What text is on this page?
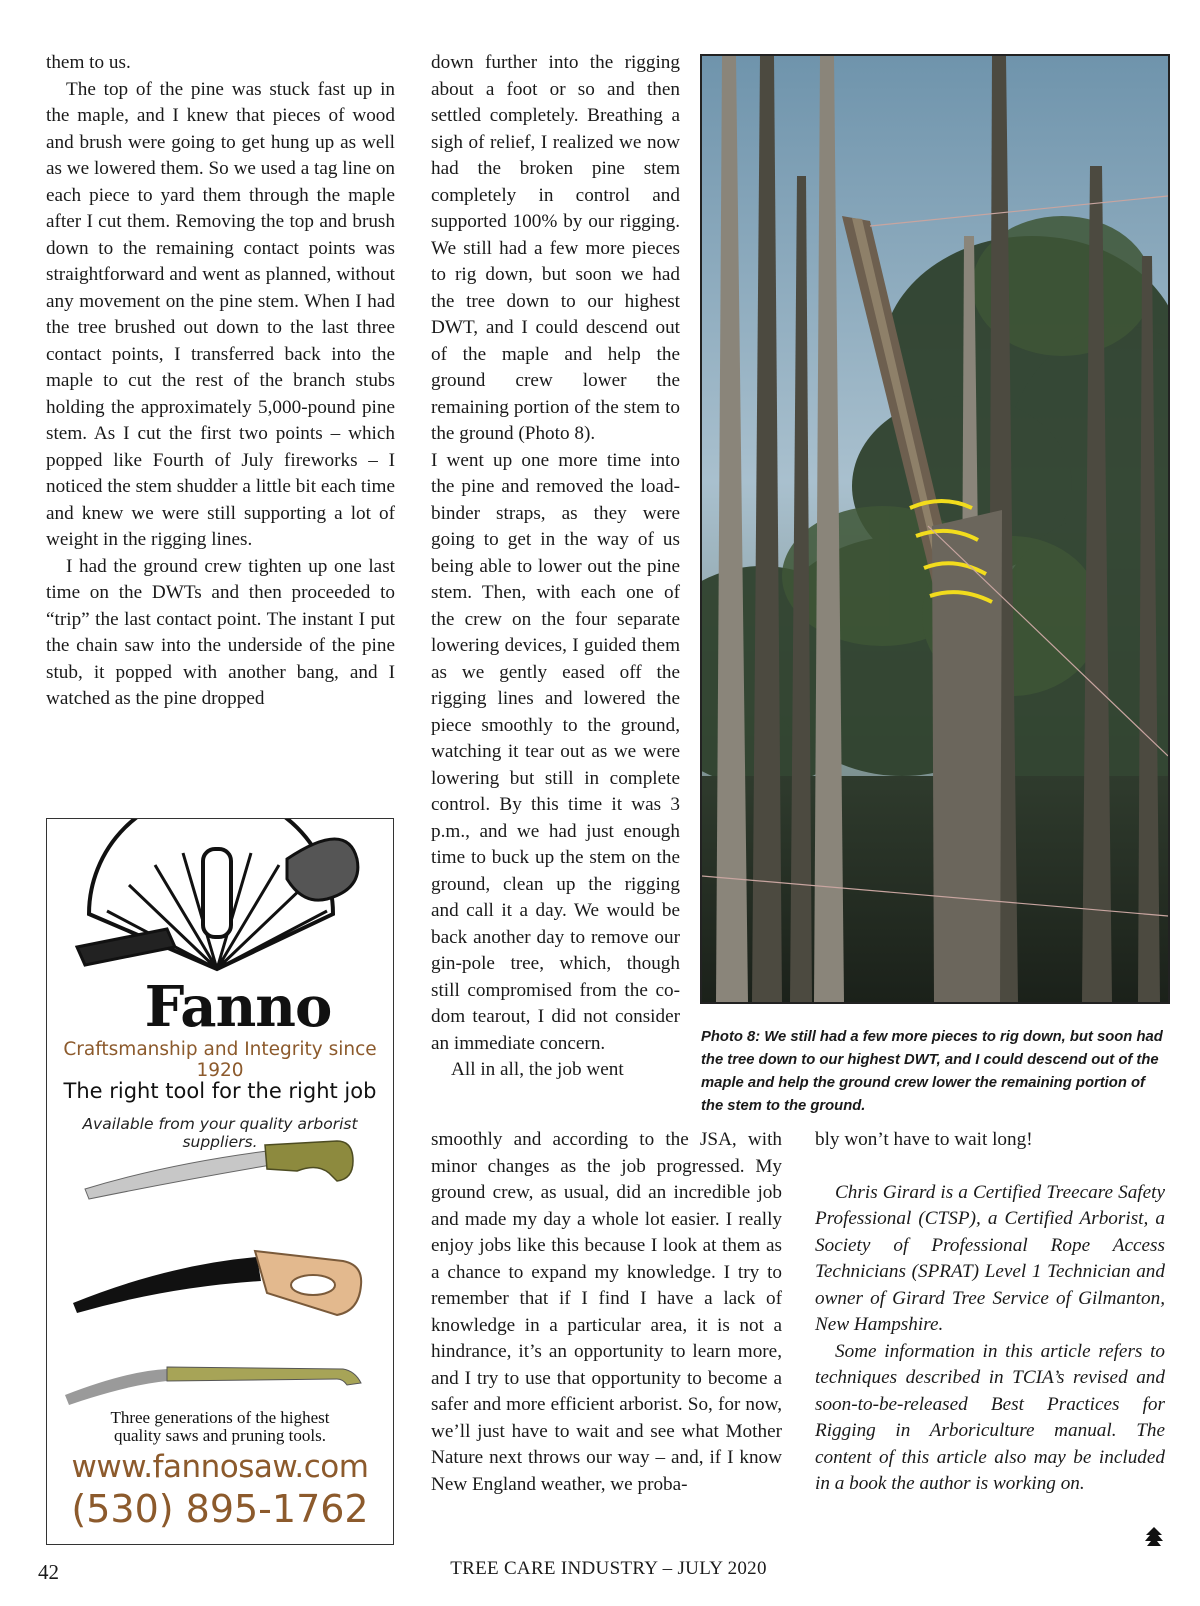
them to us.

The top of the pine was stuck fast up in the maple, and I knew that pieces of wood and brush were going to get hung up as well as we lowered them. So we used a tag line on each piece to yard them through the maple after I cut them. Removing the top and brush down to the remaining contact points was straightforward and went as planned, without any movement on the pine stem. When I had the tree brushed out down to the last three contact points, I transferred back into the maple to cut the rest of the branch stubs holding the approximately 5,000-pound pine stem. As I cut the first two points – which popped like Fourth of July fireworks – I noticed the stem shudder a little bit each time and knew we were still supporting a lot of weight in the rigging lines.

I had the ground crew tighten up one last time on the DWTs and then proceeded to “trip” the last contact point. The instant I put the chain saw into the underside of the pine stub, it popped with another bang, and I watched as the pine dropped

down further into the rigging about a foot or so and then settled completely. Breathing a sigh of relief, I realized we now had the broken pine stem completely in control and supported 100% by our rigging. We still had a few more pieces to rig down, but soon we had the tree down to our highest DWT, and I could descend out of the maple and help the ground crew lower the remaining portion of the stem to the ground (Photo 8).

I went up one more time into the pine and removed the load-binder straps, as they were going to get in the way of us being able to lower out the pine stem. Then, with each one of the crew on the four separate lowering devices, I guided them as we gently eased off the rigging lines and lowered the piece smoothly to the ground, watching it tear out as we were lowering but still in complete control. By this time it was 3 p.m., and we had just enough time to buck up the stem on the ground, clean up the rigging and call it a day. We would be back another day to remove our gin-pole tree, which, though still compromised from the co-dom tearout, I did not consider an immediate concern.

All in all, the job went

smoothly and according to the JSA, with minor changes as the job progressed. My ground crew, as usual, did an incredible job and made my day a whole lot easier. I really enjoy jobs like this because I look at them as a chance to expand my knowledge. I try to remember that if I find I have a lack of knowledge in a particular area, it is not a hindrance, it’s an opportunity to learn more, and I try to use that opportunity to become a safer and more efficient arborist. So, for now, we’ll just have to wait and see what Mother Nature next throws our way – and, if I know New England weather, we proba-

bly won’t have to wait long!

Chris Girard is a Certified Treecare Safety Professional (CTSP), a Certified Arborist, a Society of Professional Rope Access Technicians (SPRAT) Level 1 Technician and owner of Girard Tree Service of Gilmanton, New Hampshire.

Some information in this article refers to techniques described in TCIA’s revised and soon-to-be-released Best Practices for Rigging in Arboriculture manual. The content of this article also may be included in a book the author is working on.

Photo 8: We still had a few more pieces to rig down, but soon had the tree down to our highest DWT, and I could descend out of the maple and help the ground crew lower the remaining portion of the stem to the ground.
Fanno
Craftsmanship and Integrity since 1920
The right tool for the right job
Available from your quality arborist suppliers.
Three generations of the highest quality saws and pruning tools.
www.fannosaw.com
(530) 895-1762
42	TREE CARE INDUSTRY – JULY 2020
